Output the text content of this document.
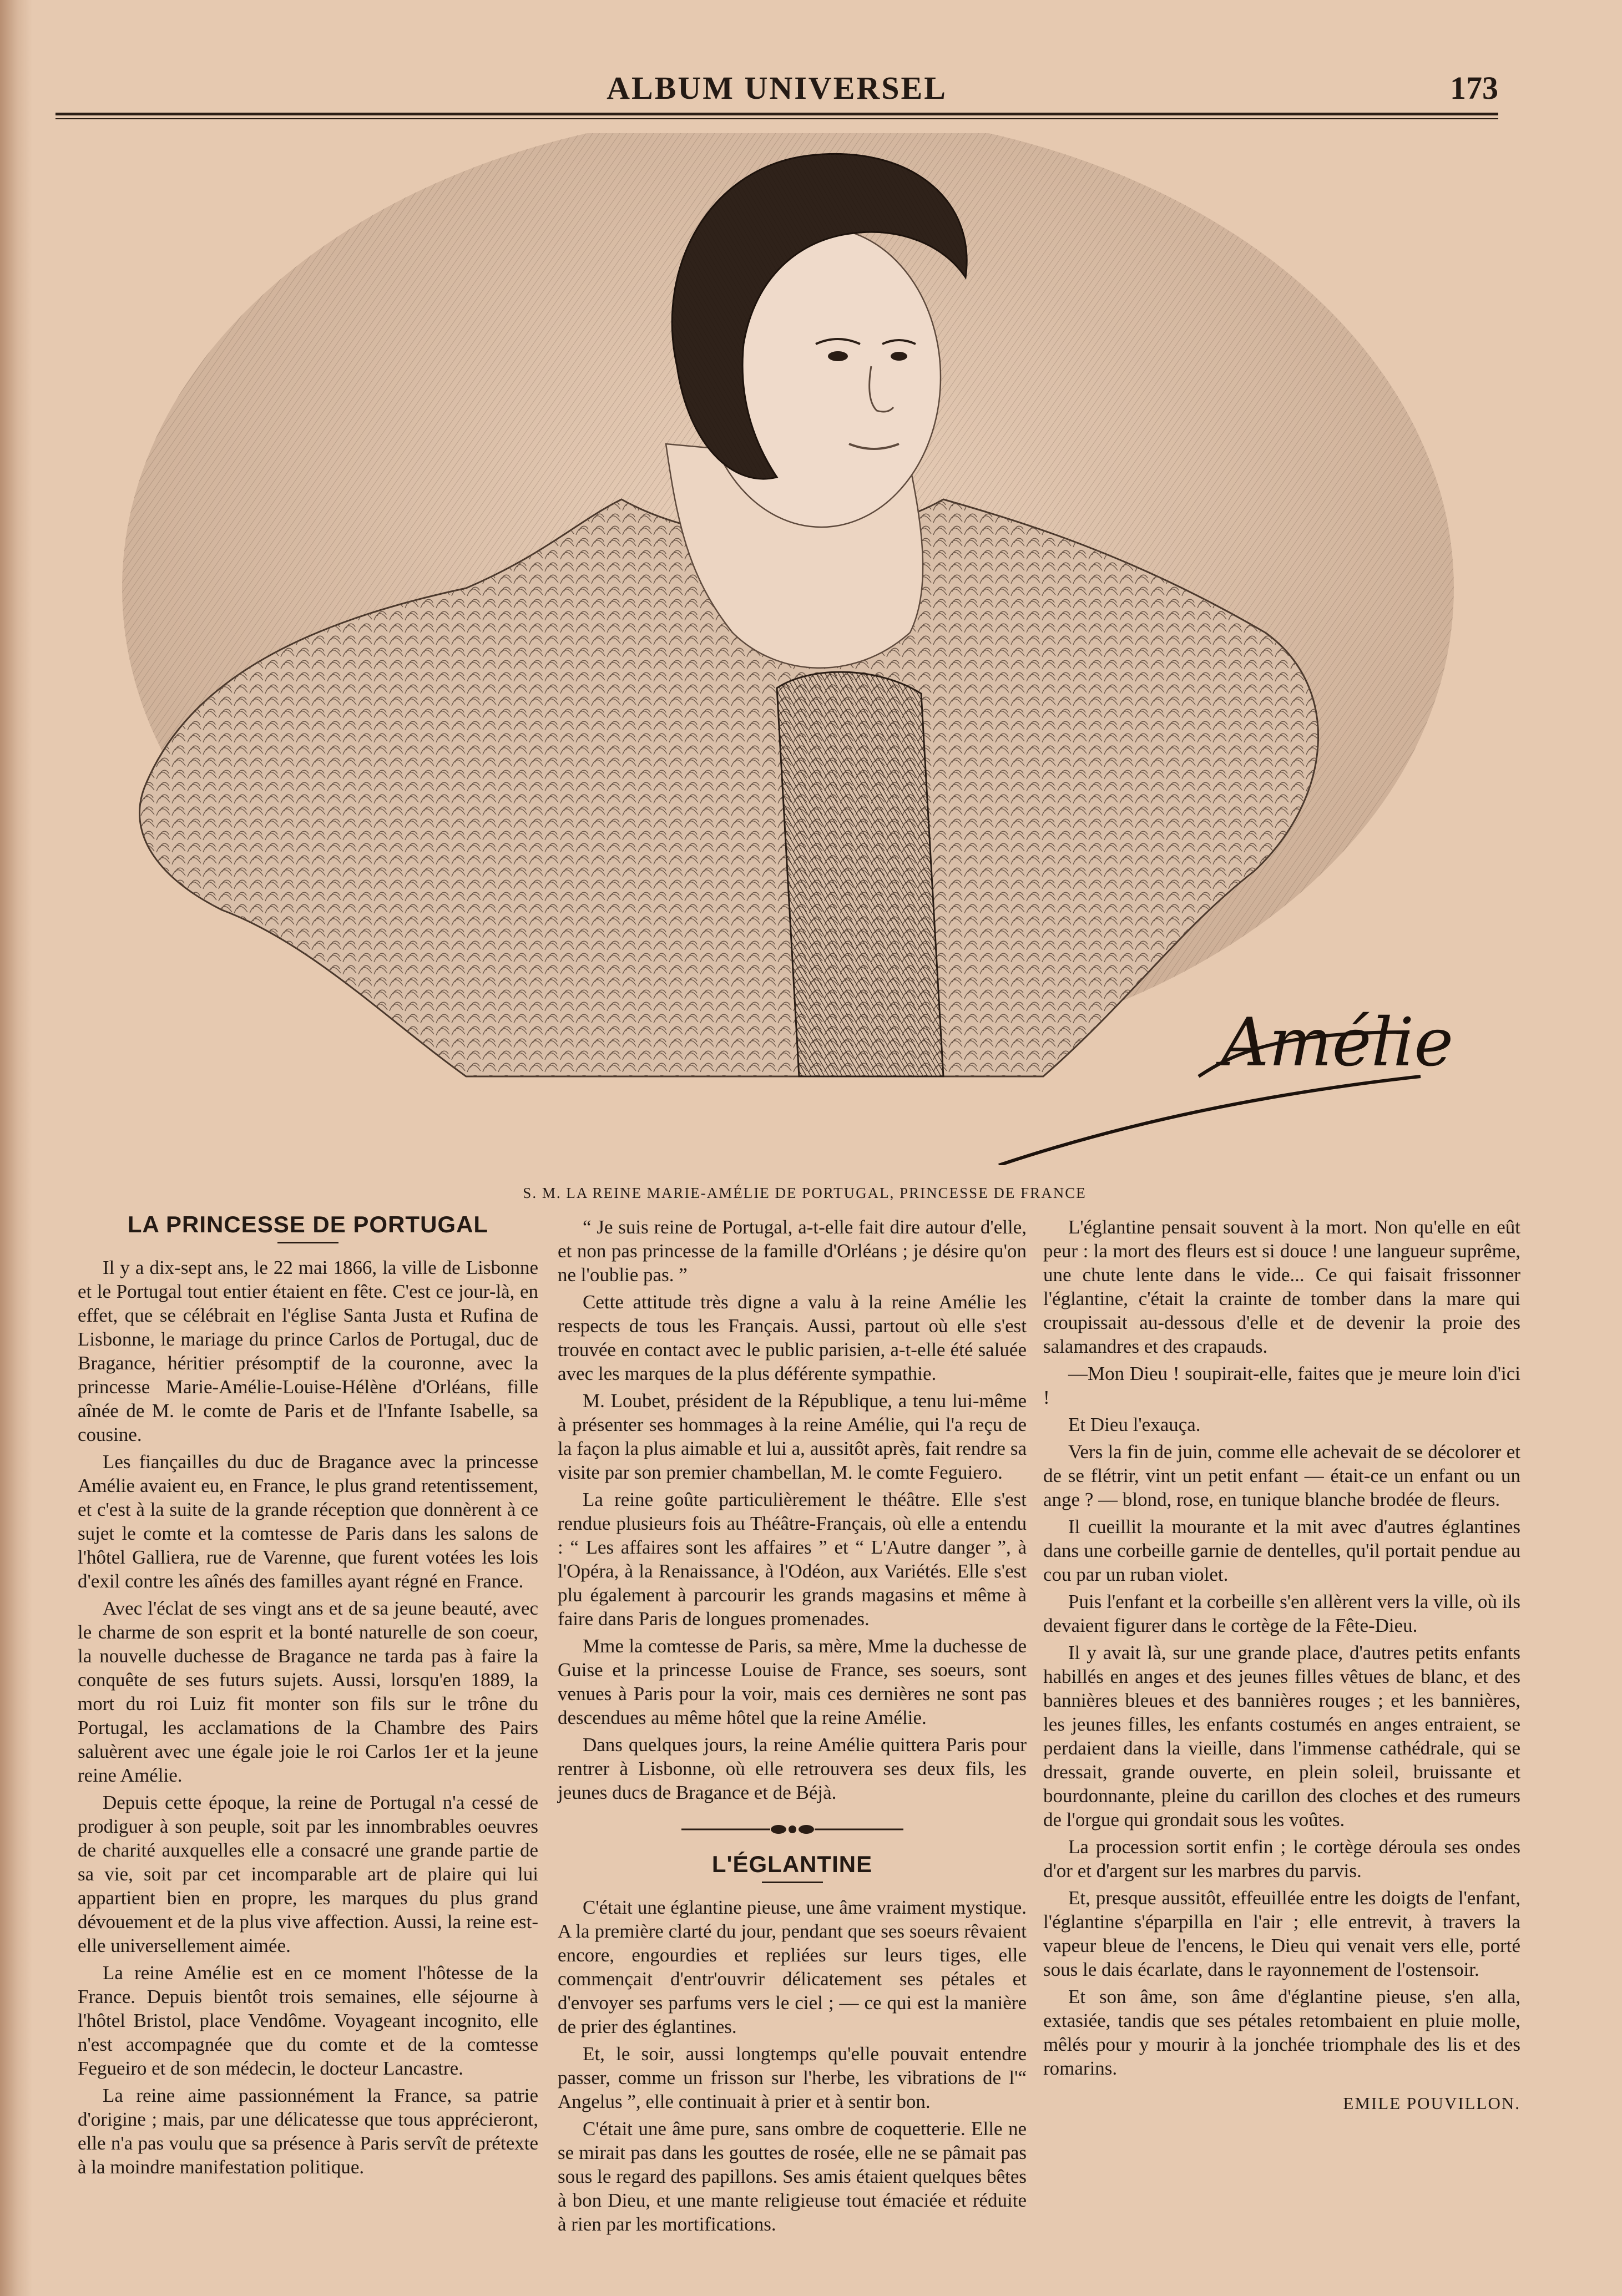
ALBUM UNIVERSEL	173
Amélie
S. M. LA REINE MARIE-AMÉLIE DE PORTUGAL, PRINCESSE DE FRANCE
LA PRINCESSE DE PORTUGAL

Il y a dix-sept ans, le 22 mai 1866, la ville de Lisbonne et le Portugal tout entier étaient en fête. C'est ce jour-là, en effet, que se célébrait en l'église Santa Justa et Rufina de Lisbonne, le mariage du prince Carlos de Portugal, duc de Bragance, héritier présomptif de la couronne, avec la princesse Marie-Amélie-Louise-Hélène d'Orléans, fille aînée de M. le comte de Paris et de l'Infante Isabelle, sa cousine.

Les fiançailles du duc de Bragance avec la princesse Amélie avaient eu, en France, le plus grand retentissement, et c'est à la suite de la grande réception que donnèrent à ce sujet le comte et la comtesse de Paris dans les salons de l'hôtel Galliera, rue de Varenne, que furent votées les lois d'exil contre les aînés des familles ayant régné en France.

Avec l'éclat de ses vingt ans et de sa jeune beauté, avec le charme de son esprit et la bonté naturelle de son coeur, la nouvelle duchesse de Bragance ne tarda pas à faire la conquête de ses futurs sujets. Aussi, lorsqu'en 1889, la mort du roi Luiz fit monter son fils sur le trône du Portugal, les acclamations de la Chambre des Pairs saluèrent avec une égale joie le roi Carlos 1er et la jeune reine Amélie.

Depuis cette époque, la reine de Portugal n'a cessé de prodiguer à son peuple, soit par les innombrables oeuvres de charité auxquelles elle a consacré une grande partie de sa vie, soit par cet incomparable art de plaire qui lui appartient bien en propre, les marques du plus grand dévouement et de la plus vive affection. Aussi, la reine est-elle universellement aimée.

La reine Amélie est en ce moment l'hôtesse de la France. Depuis bientôt trois semaines, elle séjourne à l'hôtel Bristol, place Vendôme. Voyageant incognito, elle n'est accompagnée que du comte et de la comtesse Fegueiro et de son médecin, le docteur Lancastre.

La reine aime passionnément la France, sa patrie d'origine ; mais, par une délicatesse que tous apprécieront, elle n'a pas voulu que sa présence à Paris servît de prétexte à la moindre manifestation politique.

“ Je suis reine de Portugal, a-t-elle fait dire autour d'elle, et non pas princesse de la famille d'Orléans ; je désire qu'on ne l'oublie pas. ”

Cette attitude très digne a valu à la reine Amélie les respects de tous les Français. Aussi, partout où elle s'est trouvée en contact avec le public parisien, a-t-elle été saluée avec les marques de la plus déférente sympathie.

M. Loubet, président de la République, a tenu lui-même à présenter ses hommages à la reine Amélie, qui l'a reçu de la façon la plus aimable et lui a, aussitôt après, fait rendre sa visite par son premier chambellan, M. le comte Feguiero.

La reine goûte particulièrement le théâtre. Elle s'est rendue plusieurs fois au Théâtre-Français, où elle a entendu : “ Les affaires sont les affaires ” et “ L'Autre danger ”, à l'Opéra, à la Renaissance, à l'Odéon, aux Variétés. Elle s'est plu également à parcourir les grands magasins et même à faire dans Paris de longues promenades.

Mme la comtesse de Paris, sa mère, Mme la duchesse de Guise et la princesse Louise de France, ses soeurs, sont venues à Paris pour la voir, mais ces dernières ne sont pas descendues au même hôtel que la reine Amélie.

Dans quelques jours, la reine Amélie quittera Paris pour rentrer à Lisbonne, où elle retrouvera ses deux fils, les jeunes ducs de Bragance et de Béjà.

L'ÉGLANTINE

C'était une églantine pieuse, une âme vraiment mystique. A la première clarté du jour, pendant que ses soeurs rêvaient encore, engourdies et repliées sur leurs tiges, elle commençait d'entr'ouvrir délicatement ses pétales et d'envoyer ses parfums vers le ciel ; — ce qui est la manière de prier des églantines.

Et, le soir, aussi longtemps qu'elle pouvait entendre passer, comme un frisson sur l'herbe, les vibrations de l'“ Angelus ”, elle continuait à prier et à sentir bon.

C'était une âme pure, sans ombre de coquetterie. Elle ne se mirait pas dans les gouttes de rosée, elle ne se pâmait pas sous le regard des papillons. Ses amis étaient quelques bêtes à bon Dieu, et une mante religieuse tout émaciée et réduite à rien par les mortifications.

L'églantine pensait souvent à la mort. Non qu'elle en eût peur : la mort des fleurs est si douce ! une langueur suprême, une chute lente dans le vide... Ce qui faisait frissonner l'églantine, c'était la crainte de tomber dans la mare qui croupissait au-dessous d'elle et de devenir la proie des salamandres et des crapauds.

—Mon Dieu ! soupirait-elle, faites que je meure loin d'ici !

Et Dieu l'exauça.

Vers la fin de juin, comme elle achevait de se décolorer et de se flétrir, vint un petit enfant — était-ce un enfant ou un ange ? — blond, rose, en tunique blanche brodée de fleurs.

Il cueillit la mourante et la mit avec d'autres églantines dans une corbeille garnie de dentelles, qu'il portait pendue au cou par un ruban violet.

Puis l'enfant et la corbeille s'en allèrent vers la ville, où ils devaient figurer dans le cortège de la Fête-Dieu.

Il y avait là, sur une grande place, d'autres petits enfants habillés en anges et des jeunes filles vêtues de blanc, et des bannières bleues et des bannières rouges ; et les bannières, les jeunes filles, les enfants costumés en anges entraient, se perdaient dans la vieille, dans l'immense cathédrale, qui se dressait, grande ouverte, en plein soleil, bruissante et bourdonnante, pleine du carillon des cloches et des rumeurs de l'orgue qui grondait sous les voûtes.

La procession sortit enfin ; le cortège déroula ses ondes d'or et d'argent sur les marbres du parvis.

Et, presque aussitôt, effeuillée entre les doigts de l'enfant, l'églantine s'éparpilla en l'air ; elle entrevit, à travers la vapeur bleue de l'encens, le Dieu qui venait vers elle, porté sous le dais écarlate, dans le rayonnement de l'ostensoir.

Et son âme, son âme d'églantine pieuse, s'en alla, extasiée, tandis que ses pétales retombaient en pluie molle, mêlés pour y mourir à la jonchée triomphale des lis et des romarins.

EMILE POUVILLON.
